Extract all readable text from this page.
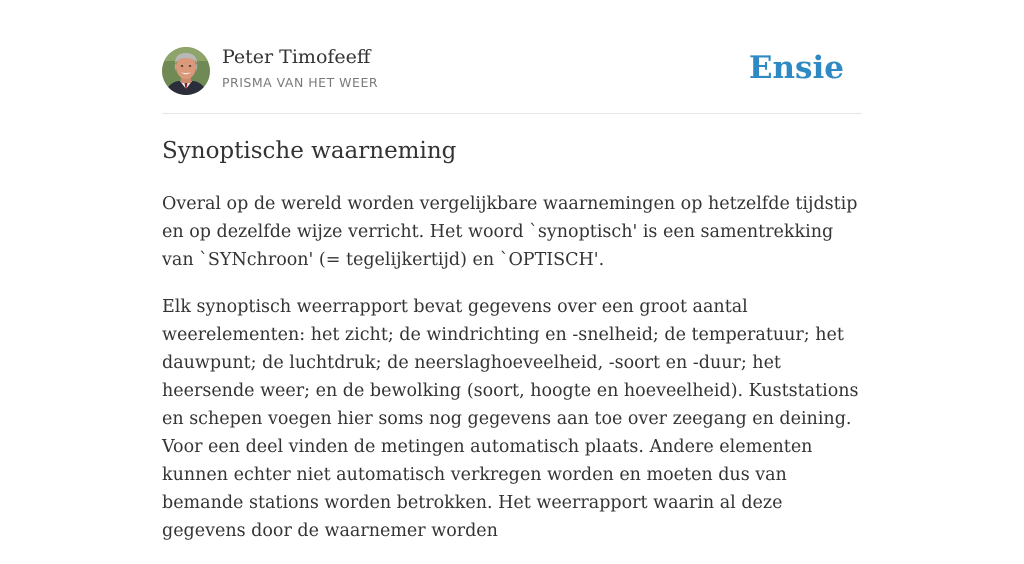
Peter Timofeeff
PRISMA VAN HET WEER	Ensie
Synoptische waarneming

Overal op de wereld worden vergelijkbare waarnemingen op hetzelfde tijdstip en op dezelfde wijze verricht. Het woord `synoptisch' is een samentrekking van `SYNchroon' (= tegelijkertijd) en `OPTISCH'.

Elk synoptisch weerrapport bevat gegevens over een groot aantal weerelementen: het zicht; de windrichting en -snelheid; de temperatuur; het dauwpunt; de luchtdruk; de neerslaghoeveelheid, -soort en -duur; het heersende weer; en de bewolking (soort, hoogte en hoeveelheid). Kuststations en schepen voegen hier soms nog gegevens aan toe over zeegang en deining. Voor een deel vinden de metingen automatisch plaats. Andere elementen kunnen echter niet automatisch verkregen worden en moeten dus van bemande stations worden betrokken. Het weerrapport waarin al deze gegevens door de waarnemer worden
